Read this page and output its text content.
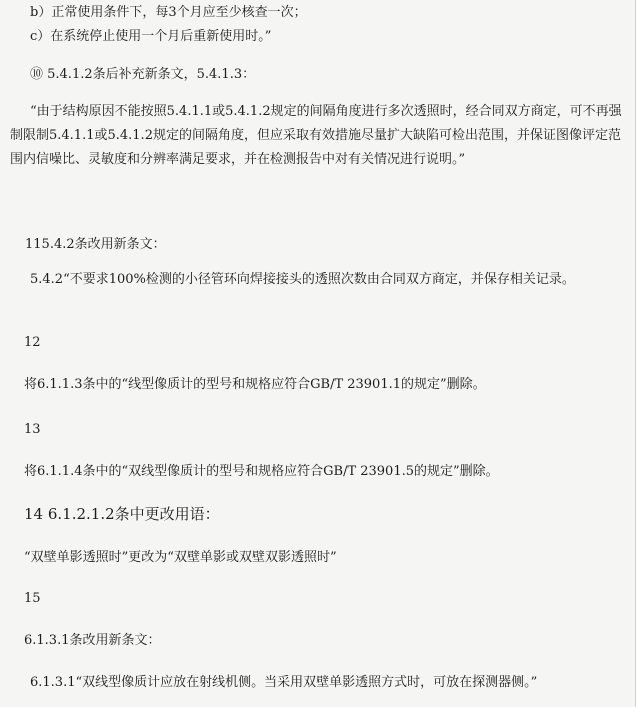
b）正常使用条件下，每3个月应至少核查一次；
c）在系统停止使用一个月后重新使用时。”
⑩ 5.4.1.2条后补充新条文，5.4.1.3：
“由于结构原因不能按照5.4.1.1或5.4.1.2规定的间隔角度进行多次透照时，经合同双方商定，可不再强制限制5.4.1.1或5.4.1.2规定的间隔角度，但应采取有效措施尽量扩大缺陷可检出范围，并保证图像评定范围内信噪比、灵敏度和分辨率满足要求，并在检测报告中对有关情况进行说明。”
115.4.2条改用新条文：
5.4.2“不要求100%检测的小径管环向焊接接头的透照次数由合同双方商定，并保存相关记录。
12
将6.1.1.3条中的“线型像质计的型号和规格应符合GB/T 23901.1的规定”删除。
13
将6.1.1.4条中的“双线型像质计的型号和规格应符合GB/T 23901.5的规定”删除。
14 6.1.2.1.2条中更改用语：
“双壁单影透照时”更改为“双壁单影或双壁双影透照时”
15
6.1.3.1条改用新条文：
6.1.3.1“双线型像质计应放在射线机侧。当采用双壁单影透照方式时，可放在探测器侧。”
